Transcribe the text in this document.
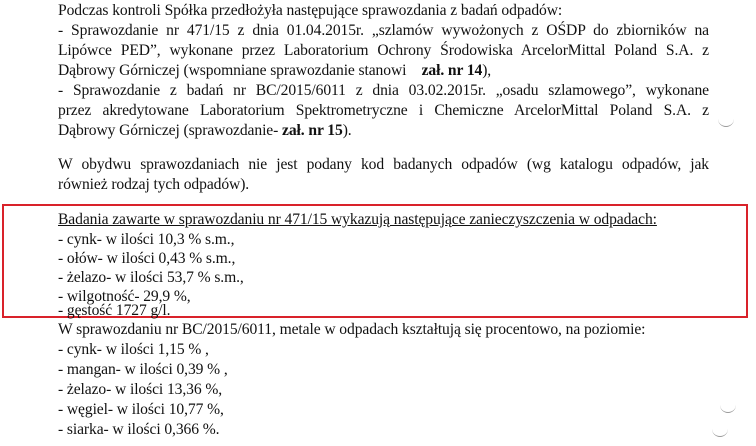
Podczas kontroli Spółka przedłożyła następujące sprawozdania z badań odpadów:
- Sprawozdanie nr 471/15 z dnia 01.04.2015r. „szlamów wywożonych z OŚDP do zbiorników na
Lipówce PED”, wykonane przez Laboratorium Ochrony Środowiska ArcelorMittal Poland S.A. z
Dąbrowy Górniczej (wspomniane sprawozdanie stanowi zał. nr 14),
- Sprawozdanie z badań nr BC/2015/6011 z dnia 03.02.2015r. „osadu szlamowego”, wykonane
przez akredytowane Laboratorium Spektrometryczne i Chemiczne ArcelorMittal Poland S.A. z
Dąbrowy Górniczej (sprawozdanie- zał. nr 15).
W obydwu sprawozdaniach nie jest podany kod badanych odpadów (wg katalogu odpadów, jak
również rodzaj tych odpadów).
Badania zawarte w sprawozdaniu nr 471/15 wykazują następujące zanieczyszczenia w odpadach:
- cynk- w ilości 10,3 % s.m.,
- ołów- w ilości 0,43 % s.m.,
- żelazo- w ilości 53,7 % s.m.,
- wilgotność- 29,9 %,
- gęstość 1727 g/l.
W sprawozdaniu nr BC/2015/6011, metale w odpadach kształtują się procentowo, na poziomie:
- cynk- w ilości 1,15 % ,
- mangan- w ilości 0,39 % ,
- żelazo- w ilości 13,36 %,
- węgiel- w ilości 10,77 %,
- siarka- w ilości 0,366 %.
